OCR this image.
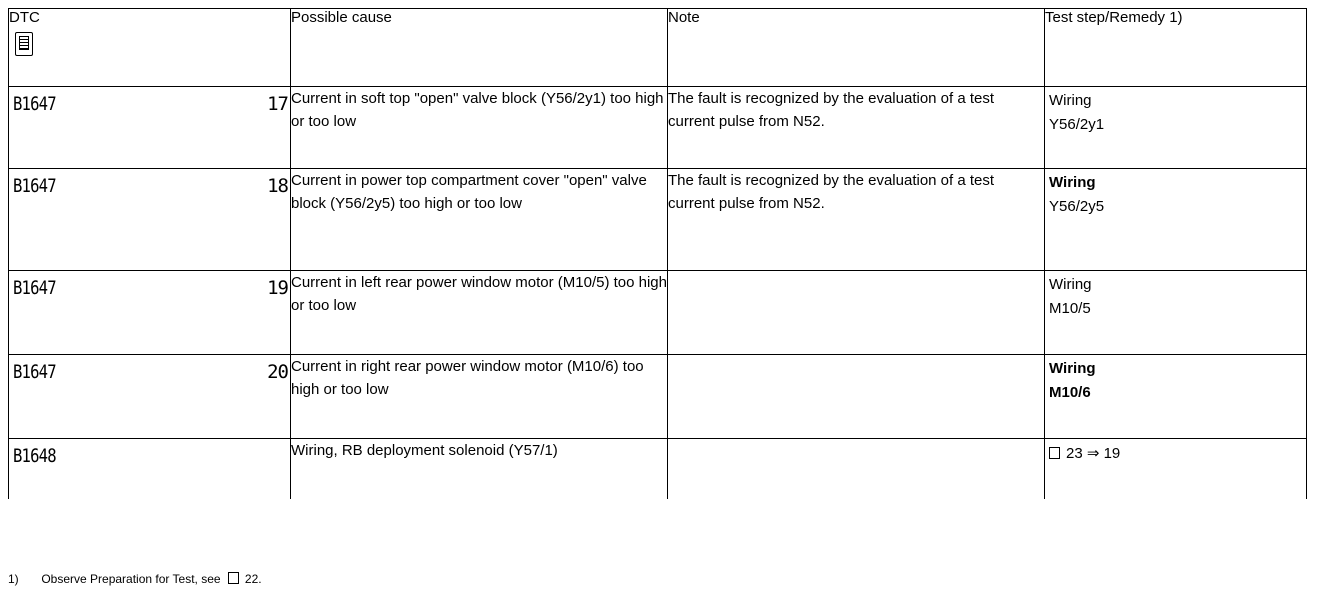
DTC	Possible cause	Note	Test step/Remedy 1)

B1647 17	Current in soft top "open" valve block (Y56/2y1) too high or too low	The fault is recognized by the evaluation of a test current pulse from N52.	Wiring
Y56/2y1

B1647 18	Current in power top compartment cover "open" valve block (Y56/2y5) too high or too low	The fault is recognized by the evaluation of a test current pulse from N52.	Wiring
Y56/2y5

B1647 19	Current in left rear power window motor (M10/5) too high or too low		Wiring
M10/5

B1647 20	Current in right rear power window motor (M10/6) too high or too low		Wiring
M10/6

B1648	Wiring, RB deployment solenoid (Y57/1)		23 ⇒ 19
1) Observe Preparation for Test, see 22.
